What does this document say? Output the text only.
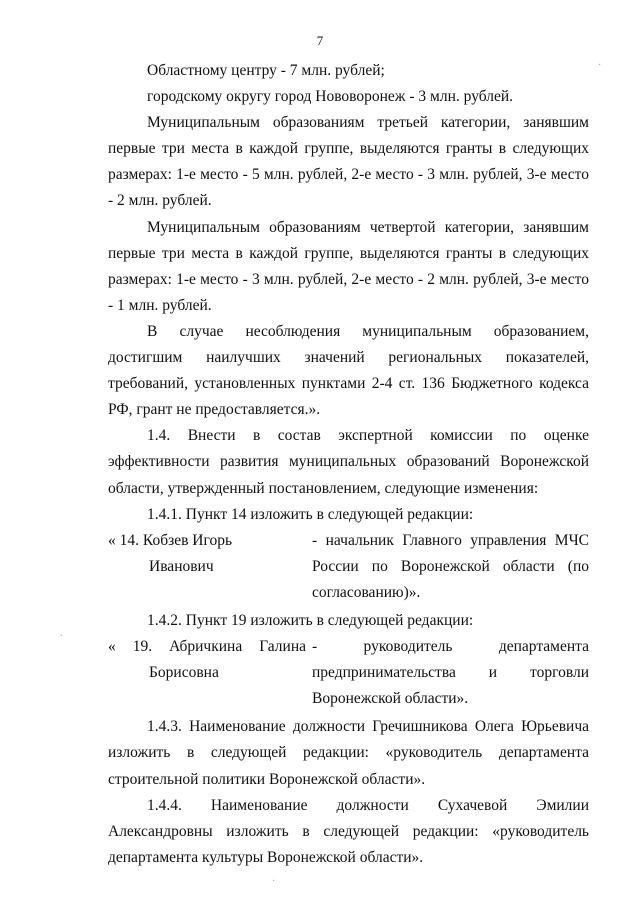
7

Областному центру - 7 млн. рублей;

городскому округу город Нововоронеж - 3 млн. рублей.

Муниципальным образованиям третьей категории, занявшим первые три места в каждой группе, выделяются гранты в следующих размерах: 1-е место - 5 млн. рублей, 2-е место - 3 млн. рублей, 3-е место - 2 млн. рублей.

Муниципальным образованиям четвертой категории, занявшим первые три места в каждой группе, выделяются гранты в следующих размерах: 1-е место - 3 млн. рублей, 2-е место - 2 млн. рублей, 3-е место - 1 млн. рублей.

В случае несоблюдения муниципальным образованием, достигшим наилучших значений региональных показателей, требований, установленных пунктами 2-4 ст. 136 Бюджетного кодекса РФ, грант не предоставляется.».

1.4. Внести в состав экспертной комиссии по оценке эффективности развития муниципальных образований Воронежской области, утвержденный постановлением, следующие изменения:

1.4.1. Пункт 14 изложить в следующей редакции:

« 14. Кобзев Игорь
Иванович
- начальник Главного управления МЧС
России по Воронежской области (по
согласованию)».

1.4.2. Пункт 19 изложить в следующей редакции:

« 19. Абричкина Галина
Борисовна
- руководитель департамента
предпринимательства и торговли
Воронежской области».

1.4.3. Наименование должности Гречишникова Олега Юрьевича изложить в следующей редакции: «руководитель департамента строительной политики Воронежской области».

1.4.4. Наименование должности Сухачевой Эмилии Александровны изложить в следующей редакции: «руководитель департамента культуры Воронежской области».

.
·
·
